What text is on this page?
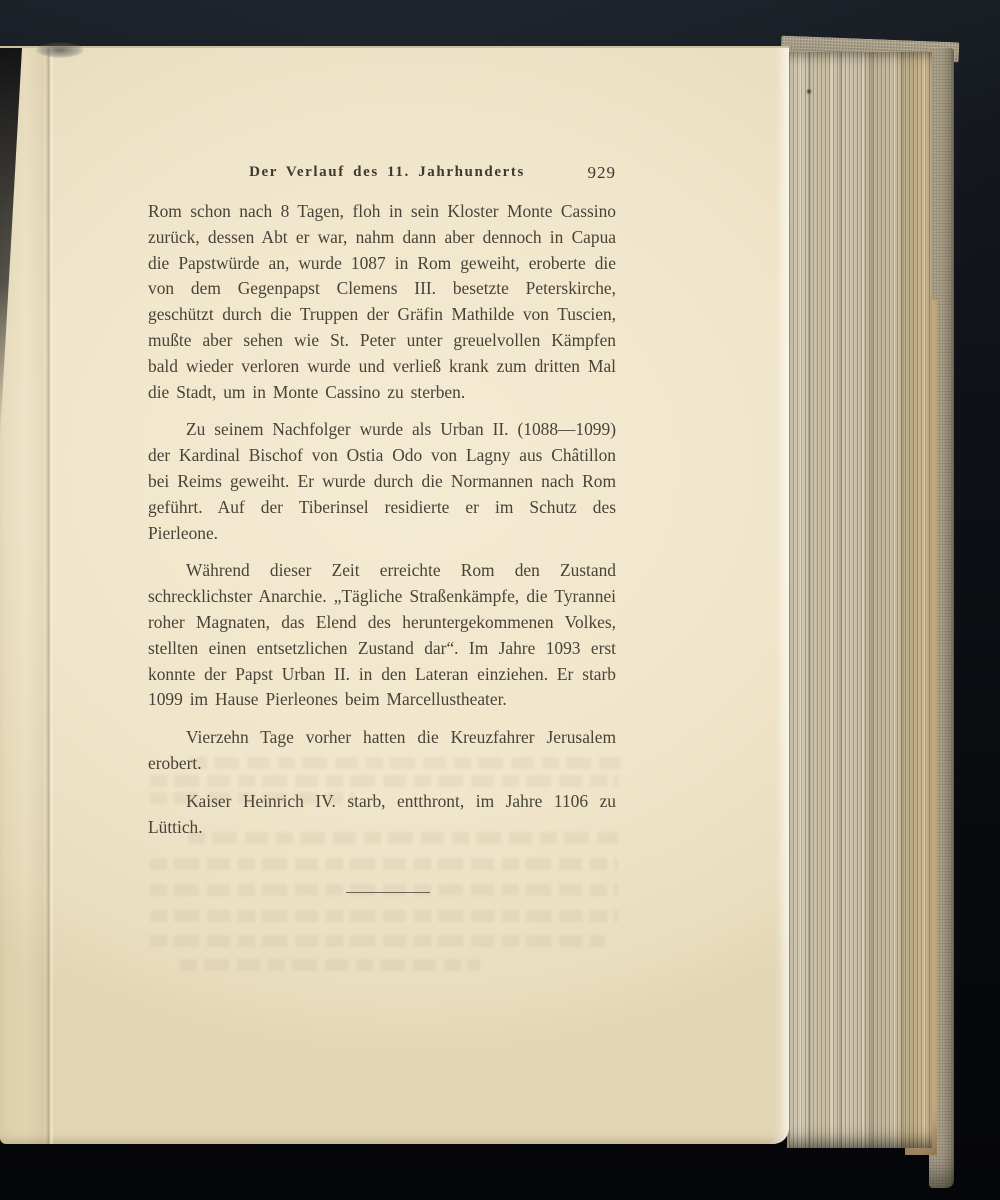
Der Verlauf des 11. Jahrhunderts	929

Rom schon nach 8 Tagen, floh in sein Kloster Monte Cassino zurück, dessen Abt er war, nahm dann aber dennoch in Capua die Papstwürde an, wurde 1087 in Rom geweiht, eroberte die von dem Gegenpapst Clemens III. besetzte Peterskirche, geschützt durch die Truppen der Gräfin Mathilde von Tuscien, mußte aber sehen wie St. Peter unter greuelvollen Kämpfen bald wieder verloren wurde und verließ krank zum dritten Mal die Stadt, um in Monte Cassino zu sterben.

Zu seinem Nachfolger wurde als Urban II. (1088—1099) der Kardinal Bischof von Ostia Odo von Lagny aus Châtillon bei Reims geweiht. Er wurde durch die Normannen nach Rom geführt. Auf der Tiberinsel residierte er im Schutz des Pierleone.

Während dieser Zeit erreichte Rom den Zustand schrecklichster Anarchie. „Tägliche Straßenkämpfe, die Tyrannei roher Magnaten, das Elend des heruntergekommenen Volkes, stellten einen entsetzlichen Zustand dar“. Im Jahre 1093 erst konnte der Papst Urban II. in den Lateran einziehen. Er starb 1099 im Hause Pierleones beim Marcellustheater.

Vierzehn Tage vorher hatten die Kreuzfahrer Jerusalem erobert.

Kaiser Heinrich IV. starb, entthront, im Jahre 1106 zu Lüttich.
